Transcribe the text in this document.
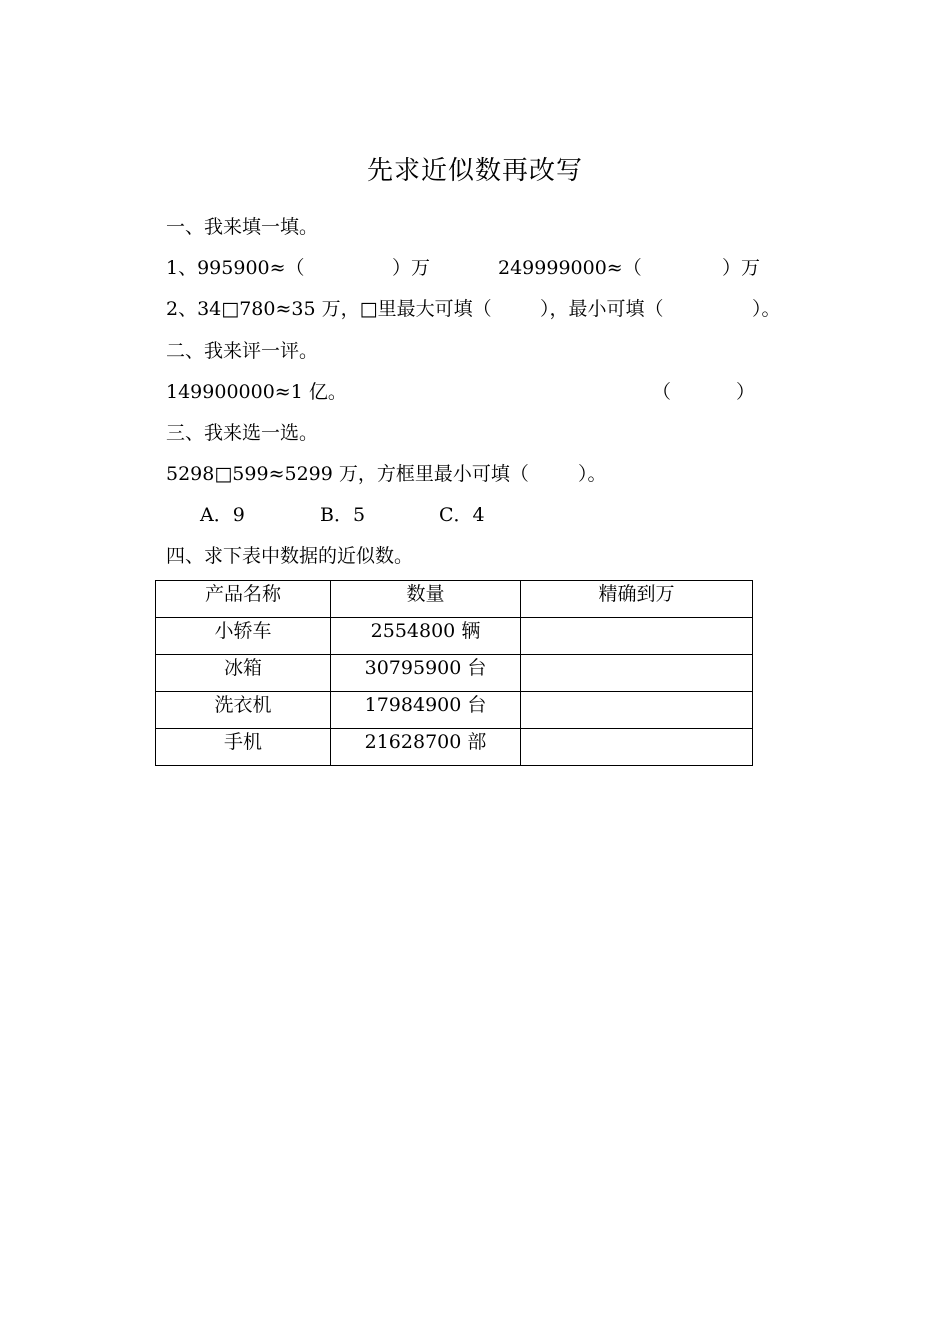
先求近似数再改写
一、我来填一填。

1、995900≈（

	）万

	249999000≈（

	）万

2、34□780≈35 万，□里最大可填（

	），最小可填（

	）。

二、我来评一评。

149900000≈1 亿。

	（

	）

三、我来选一选。

5298□599≈5299 万，方框里最小可填（

	）。

A．9

	B．5

	C．4

四、求下表中数据的近似数。
产品名称	数量	精确到万
小轿车	2554800 辆	
冰箱	30795900 台	
洗衣机	17984900 台	
手机	21628700 部	
